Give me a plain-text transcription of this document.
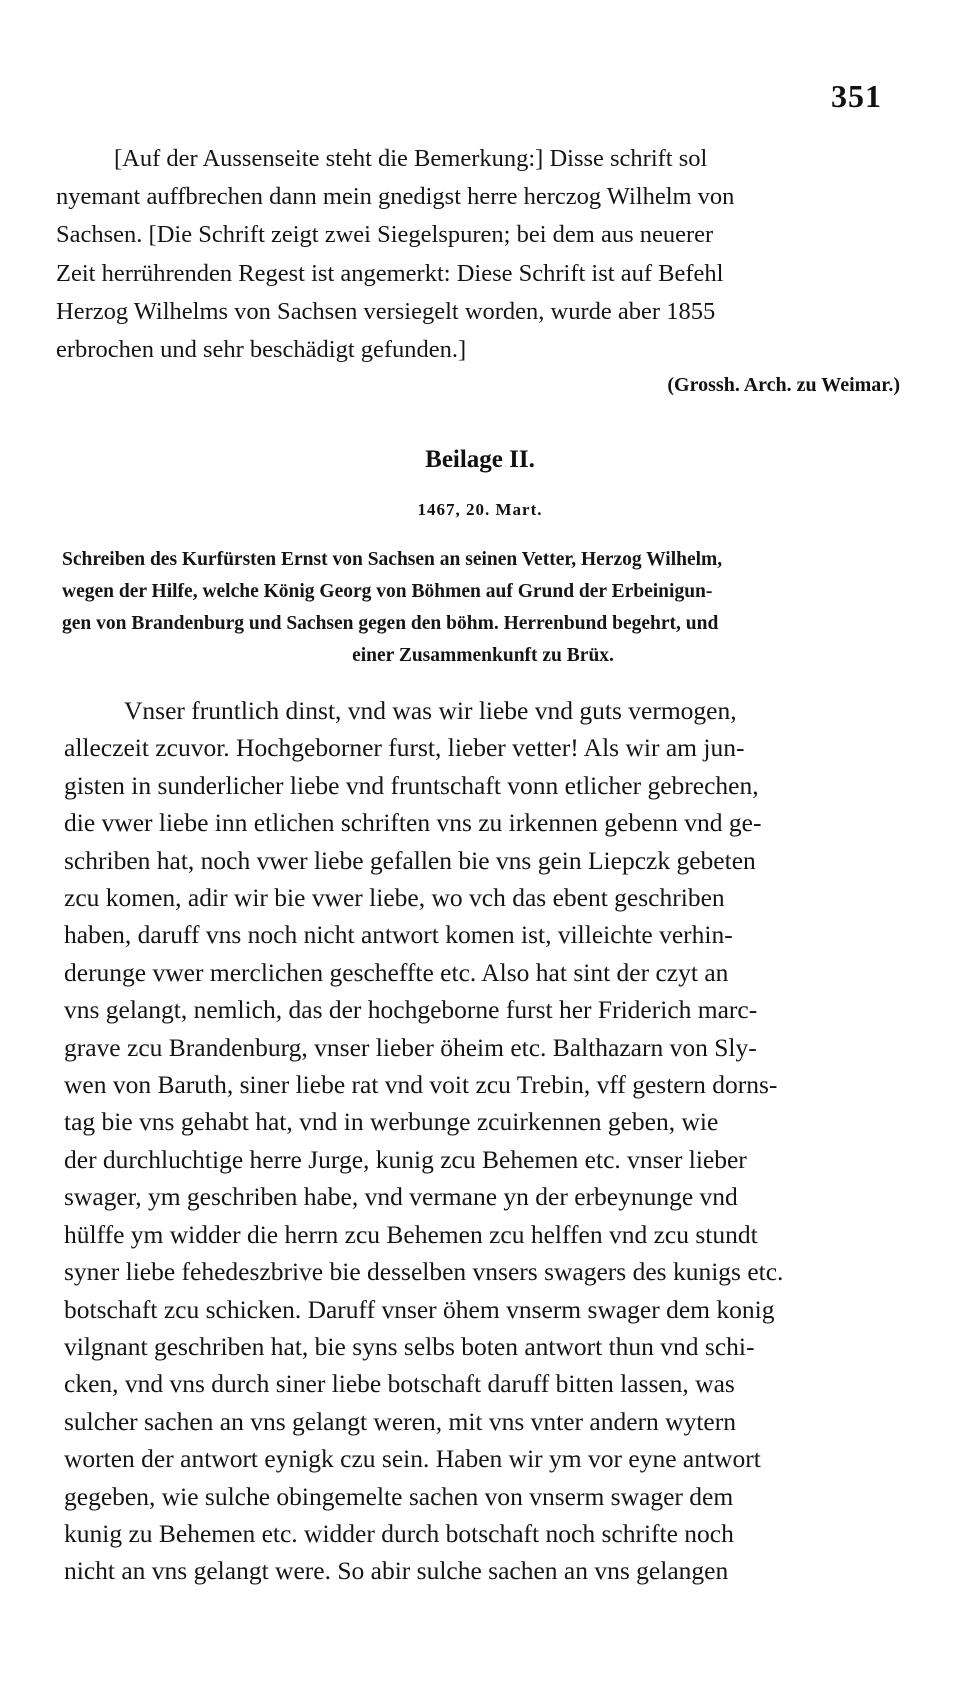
351
[Auf der Aussenseite steht die Bemerkung:] Disse schrift sol
nyemant auffbrechen dann mein gnedigst herre herczog Wilhelm von
Sachsen. [Die Schrift zeigt zwei Siegelspuren; bei dem aus neuerer
Zeit herrührenden Regest ist angemerkt: Diese Schrift ist auf Befehl
Herzog Wilhelms von Sachsen versiegelt worden, wurde aber 1855
erbrochen und sehr beschädigt gefunden.]
(Grossh. Arch. zu Weimar.)
Beilage II.
1467, 20. Mart.
Schreiben des Kurfürsten Ernst von Sachsen an seinen Vetter, Herzog Wilhelm,
wegen der Hilfe, welche König Georg von Böhmen auf Grund der Erbeinigun-
gen von Brandenburg und Sachsen gegen den böhm. Herrenbund begehrt, und
einer Zusammenkunft zu Brüx.
Vnser fruntlich dinst, vnd was wir liebe vnd guts vermogen,
alleczeit zcuvor. Hochgeborner furst, lieber vetter! Als wir am jun-
gisten in sunderlicher liebe vnd fruntschaft vonn etlicher gebrechen,
die vwer liebe inn etlichen schriften vns zu irkennen gebenn vnd ge-
schriben hat, noch vwer liebe gefallen bie vns gein Liepczk gebeten
zcu komen, adir wir bie vwer liebe, wo vch das ebent geschriben
haben, daruff vns noch nicht antwort komen ist, villeichte verhin-
derunge vwer merclichen gescheffte etc. Also hat sint der czyt an
vns gelangt, nemlich, das der hochgeborne furst her Friderich marc-
grave zcu Brandenburg, vnser lieber öheim etc. Balthazarn von Sly-
wen von Baruth, siner liebe rat vnd voit zcu Trebin, vff gestern dorns-
tag bie vns gehabt hat, vnd in werbunge zcuirkennen geben, wie
der durchluchtige herre Jurge, kunig zcu Behemen etc. vnser lieber
swager, ym geschriben habe, vnd vermane yn der erbeynunge vnd
hülffe ym widder die herrn zcu Behemen zcu helffen vnd zcu stundt
syner liebe fehedeszbrive bie desselben vnsers swagers des kunigs etc.
botschaft zcu schicken. Daruff vnser öhem vnserm swager dem konig
vilgnant geschriben hat, bie syns selbs boten antwort thun vnd schi-
cken, vnd vns durch siner liebe botschaft daruff bitten lassen, was
sulcher sachen an vns gelangt weren, mit vns vnter andern wytern
worten der antwort eynigk czu sein. Haben wir ym vor eyne antwort
gegeben, wie sulche obingemelte sachen von vnserm swager dem
kunig zu Behemen etc. widder durch botschaft noch schrifte noch
nicht an vns gelangt were. So abir sulche sachen an vns gelangen
